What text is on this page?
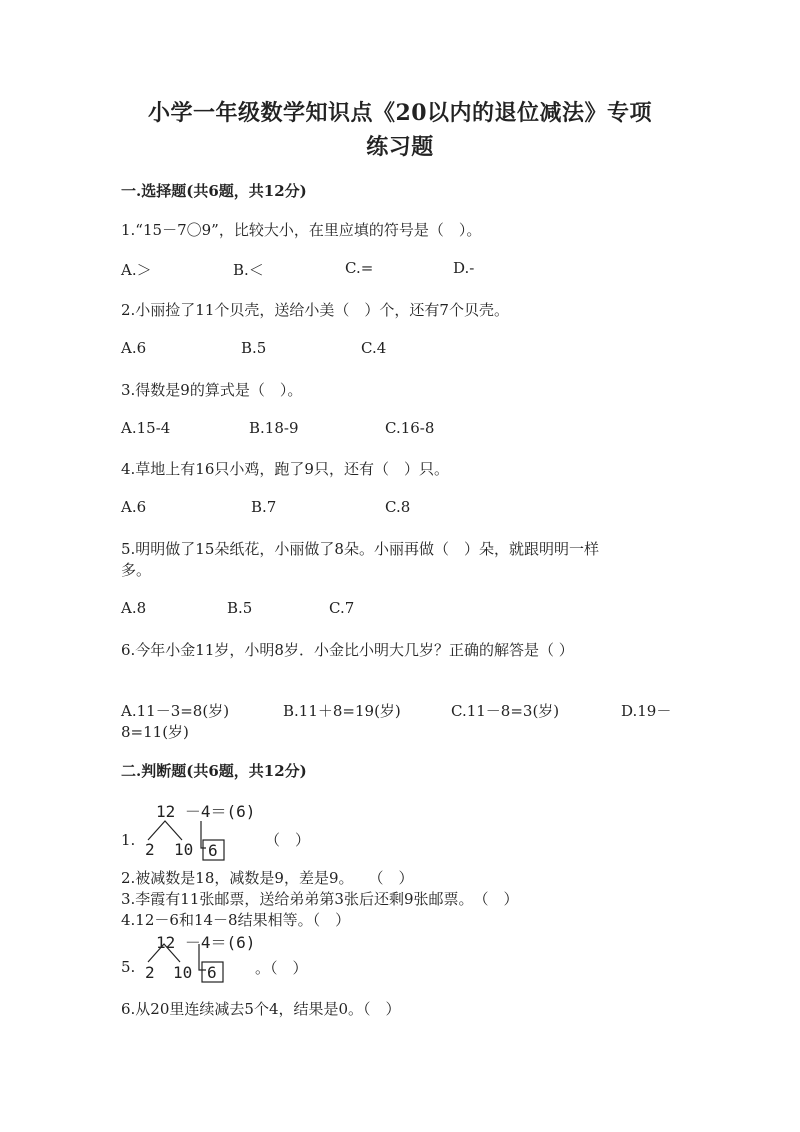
小学一年级数学知识点《20以内的退位减法》专项
练习题
一.选择题(共6题，共12分)
1.“15－7〇9”，比较大小，在里应填的符号是（　）。
A.＞	B.＜	C.=	D.-
2.小丽捡了11个贝壳，送给小美（　）个，还有7个贝壳。
A.6	B.5	C.4
3.得数是9的算式是（　）。
A.15-4	B.18-9	C.16-8
4.草地上有16只小鸡，跑了9只，还有（　）只。
A.6	B.7	C.8
5.明明做了15朵纸花，小丽做了8朵。小丽再做（　）朵，就跟明明一样
多。
A.8	B.5	C.7
6.今年小金11岁，小明8岁．小金比小明大几岁？正确的解答是（ ）
A.11－3=8(岁)	B.11＋8=19(岁)	C.11－8=3(岁)	D.19－
8=11(岁)
二.判断题(共6题，共12分)
12 －4＝(6)
1. 2 10 6
（　）
2.被减数是18，减数是9，差是9。　　（　）
3.李霞有11张邮票，送给弟弟第3张后还剩9张邮票。　（　）
4.12－6和14－8结果相等。（　）
12 －4＝(6)
5. 2 10 6	。（　）
6.从20里连续减去5个4，结果是0。（　）
